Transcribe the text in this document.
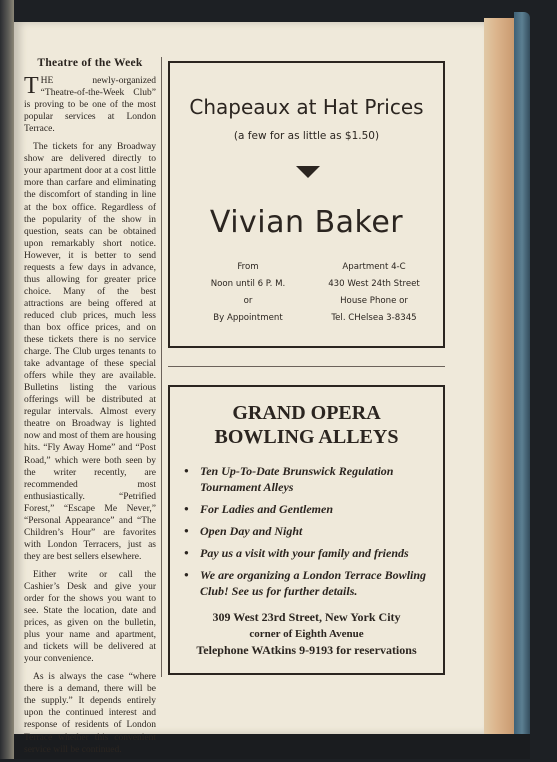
Theatre of the Week

THE newly-organized “Theatre-of-the-Week Club” is proving to be one of the most popular services at London Terrace.

The tickets for any Broadway show are delivered directly to your apartment door at a cost little more than carfare and eliminating the discomfort of standing in line at the box office. Regardless of the popularity of the show in question, seats can be obtained upon remarkably short notice. However, it is better to send requests a few days in advance, thus allowing for greater price choice. Many of the best attractions are being offered at reduced club prices, much less than box office prices, and on these tickets there is no service charge. The Club urges tenants to take advantage of these special offers while they are available. Bulletins listing the various offerings will be distributed at regular intervals. Almost every theatre on Broadway is lighted now and most of them are housing hits. “Fly Away Home” and “Post Road,” which were both seen by the writer recently, are recommended most enthusiastically. “Petrified Forest,” “Escape Me Never,” “Personal Appearance” and “The Children’s Hour” are favorites with London Terracers, just as they are best sellers elsewhere.

Either write or call the Cashier’s Desk and give your order for the shows you want to see. State the location, date and prices, as given on the bulletin, plus your name and apartment, and tickets will be delivered at your convenience.

As is always the case “where there is a demand, there will be the supply.” It depends entirely upon the continued interest and response of residents of London Terrace whether this convenient service will be continued.

Chapeaux at Hat Prices
(a few for as little as $1.50)
Vivian Baker
From
Noon until 6 P. M.
or
By Appointment
Apartment 4-C
430 West 24th Street
House Phone or
Tel. CHelsea 3-8345
GRAND OPERA
BOWLING ALLEYS
● Ten Up-To-Date Brunswick Regulation Tournament Alleys
● For Ladies and Gentlemen
● Open Day and Night
● Pay us a visit with your family and friends
● We are organizing a London Terrace Bowling Club! See us for further details.
309 West 23rd Street, New York City
corner of Eighth Avenue
Telephone WAtkins 9-9193 for reservations
